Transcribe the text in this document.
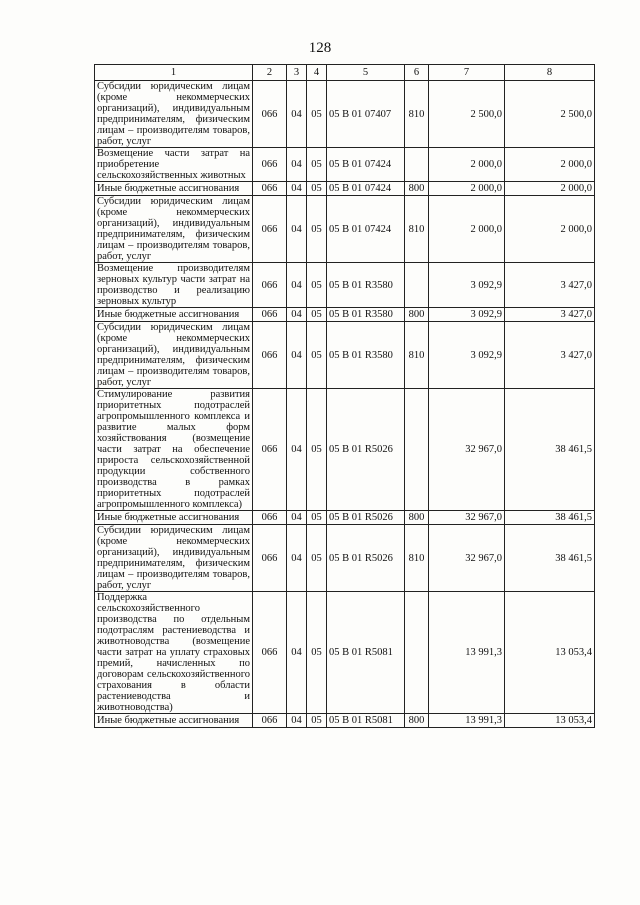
128
1	2	3	4	5	6	7	8
Субсидии юридическим лицам (кроме некоммерческих организаций), индивидуальным предпринимателям, физическим лицам – производителям товаров, работ, услуг	066	04	05	05 В 01 07407	810	2 500,0	2 500,0
Возмещение части затрат на приобретение сельскохозяйственных животных	066	04	05	05 В 01 07424		2 000,0	2 000,0
Иные бюджетные ассигнования	066	04	05	05 В 01 07424	800	2 000,0	2 000,0
Субсидии юридическим лицам (кроме некоммерческих организаций), индивидуальным предпринимателям, физическим лицам – производителям товаров, работ, услуг	066	04	05	05 В 01 07424	810	2 000,0	2 000,0
Возмещение производителям зерновых культур части затрат на производство и реализацию зерновых культур	066	04	05	05 В 01 R3580		3 092,9	3 427,0
Иные бюджетные ассигнования	066	04	05	05 В 01 R3580	800	3 092,9	3 427,0
Субсидии юридическим лицам (кроме некоммерческих организаций), индивидуальным предпринимателям, физическим лицам – производителям товаров, работ, услуг	066	04	05	05 В 01 R3580	810	3 092,9	3 427,0
Стимулирование развития приоритетных подотраслей агропромышленного комплекса и развитие малых форм хозяйствования (возмещение части затрат на обеспечение прироста сельскохозяйственной продукции собственного производства в рамках приоритетных подотраслей агропромышленного комплекса)	066	04	05	05 В 01 R5026		32 967,0	38 461,5
Иные бюджетные ассигнования	066	04	05	05 В 01 R5026	800	32 967,0	38 461,5
Субсидии юридическим лицам (кроме некоммерческих организаций), индивидуальным предпринимателям, физическим лицам – производителям товаров, работ, услуг	066	04	05	05 В 01 R5026	810	32 967,0	38 461,5
Поддержка сельскохозяйственного производства по отдельным подотраслям растениеводства и животноводства (возмещение части затрат на уплату страховых премий, начисленных по договорам сельскохозяйственного страхования в области растениеводства и животноводства)	066	04	05	05 В 01 R5081		13 991,3	13 053,4
Иные бюджетные ассигнования	066	04	05	05 В 01 R5081	800	13 991,3	13 053,4
